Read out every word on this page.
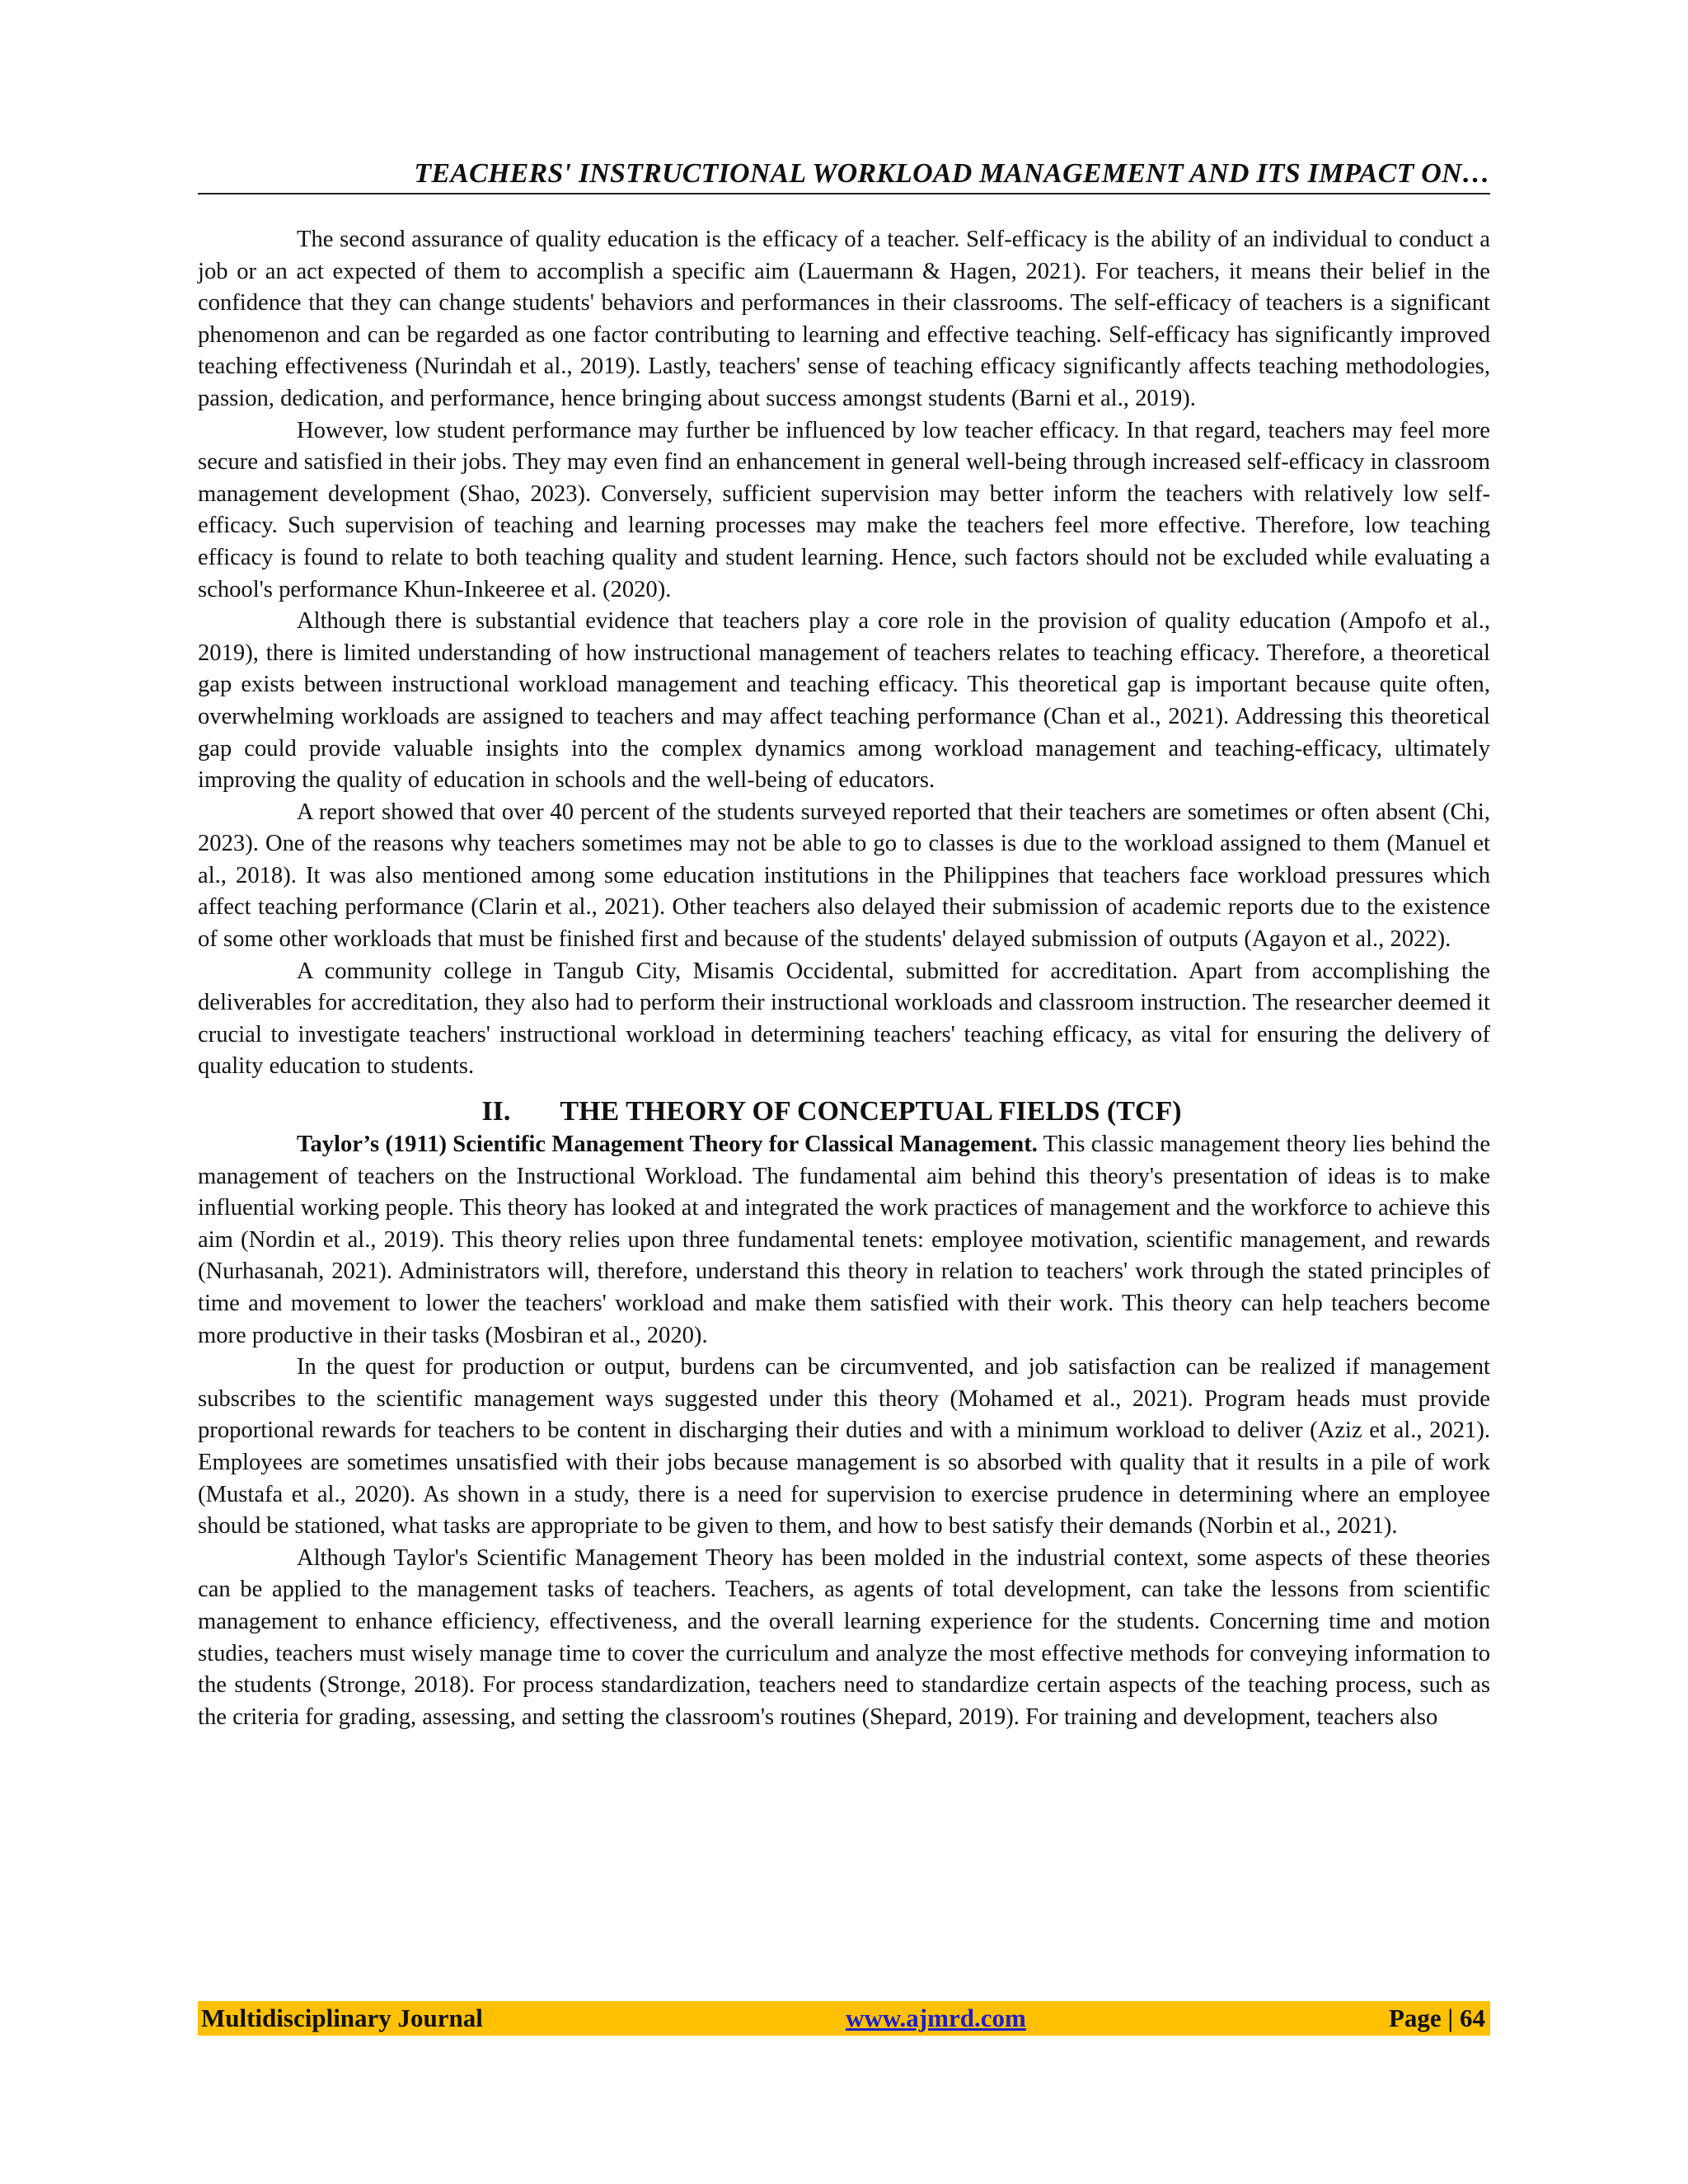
TEACHERS' INSTRUCTIONAL WORKLOAD MANAGEMENT AND ITS IMPACT ON…

The second assurance of quality education is the efficacy of a teacher. Self-efficacy is the ability of an individual to conduct a job or an act expected of them to accomplish a specific aim (Lauermann & Hagen, 2021). For teachers, it means their belief in the confidence that they can change students' behaviors and performances in their classrooms. The self-efficacy of teachers is a significant phenomenon and can be regarded as one factor contributing to learning and effective teaching. Self-efficacy has significantly improved teaching effectiveness (Nurindah et al., 2019). Lastly, teachers' sense of teaching efficacy significantly affects teaching methodologies, passion, dedication, and performance, hence bringing about success amongst students (Barni et al., 2019).

However, low student performance may further be influenced by low teacher efficacy. In that regard, teachers may feel more secure and satisfied in their jobs. They may even find an enhancement in general well-being through increased self-efficacy in classroom management development (Shao, 2023). Conversely, sufficient supervision may better inform the teachers with relatively low self-efficacy. Such supervision of teaching and learning processes may make the teachers feel more effective. Therefore, low teaching efficacy is found to relate to both teaching quality and student learning. Hence, such factors should not be excluded while evaluating a school's performance Khun-Inkeeree et al. (2020).

Although there is substantial evidence that teachers play a core role in the provision of quality education (Ampofo et al., 2019), there is limited understanding of how instructional management of teachers relates to teaching efficacy. Therefore, a theoretical gap exists between instructional workload management and teaching efficacy. This theoretical gap is important because quite often, overwhelming workloads are assigned to teachers and may affect teaching performance (Chan et al., 2021). Addressing this theoretical gap could provide valuable insights into the complex dynamics among workload management and teaching-efficacy, ultimately improving the quality of education in schools and the well-being of educators.

A report showed that over 40 percent of the students surveyed reported that their teachers are sometimes or often absent (Chi, 2023). One of the reasons why teachers sometimes may not be able to go to classes is due to the workload assigned to them (Manuel et al., 2018). It was also mentioned among some education institutions in the Philippines that teachers face workload pressures which affect teaching performance (Clarin et al., 2021). Other teachers also delayed their submission of academic reports due to the existence of some other workloads that must be finished first and because of the students' delayed submission of outputs (Agayon et al., 2022).

A community college in Tangub City, Misamis Occidental, submitted for accreditation. Apart from accomplishing the deliverables for accreditation, they also had to perform their instructional workloads and classroom instruction. The researcher deemed it crucial to investigate teachers' instructional workload in determining teachers' teaching efficacy, as vital for ensuring the delivery of quality education to students.

II. THE THEORY OF CONCEPTUAL FIELDS (TCF)

Taylor’s (1911) Scientific Management Theory for Classical Management. This classic management theory lies behind the management of teachers on the Instructional Workload. The fundamental aim behind this theory's presentation of ideas is to make influential working people. This theory has looked at and integrated the work practices of management and the workforce to achieve this aim (Nordin et al., 2019). This theory relies upon three fundamental tenets: employee motivation, scientific management, and rewards (Nurhasanah, 2021). Administrators will, therefore, understand this theory in relation to teachers' work through the stated principles of time and movement to lower the teachers' workload and make them satisfied with their work. This theory can help teachers become more productive in their tasks (Mosbiran et al., 2020).

In the quest for production or output, burdens can be circumvented, and job satisfaction can be realized if management subscribes to the scientific management ways suggested under this theory (Mohamed et al., 2021). Program heads must provide proportional rewards for teachers to be content in discharging their duties and with a minimum workload to deliver (Aziz et al., 2021). Employees are sometimes unsatisfied with their jobs because management is so absorbed with quality that it results in a pile of work (Mustafa et al., 2020). As shown in a study, there is a need for supervision to exercise prudence in determining where an employee should be stationed, what tasks are appropriate to be given to them, and how to best satisfy their demands (Norbin et al., 2021).

Although Taylor's Scientific Management Theory has been molded in the industrial context, some aspects of these theories can be applied to the management tasks of teachers. Teachers, as agents of total development, can take the lessons from scientific management to enhance efficiency, effectiveness, and the overall learning experience for the students. Concerning time and motion studies, teachers must wisely manage time to cover the curriculum and analyze the most effective methods for conveying information to the students (Stronge, 2018). For process standardization, teachers need to standardize certain aspects of the teaching process, such as the criteria for grading, assessing, and setting the classroom's routines (Shepard, 2019). For training and development, teachers also

Multidisciplinary Journal	www.ajmrd.com	Page | 64
